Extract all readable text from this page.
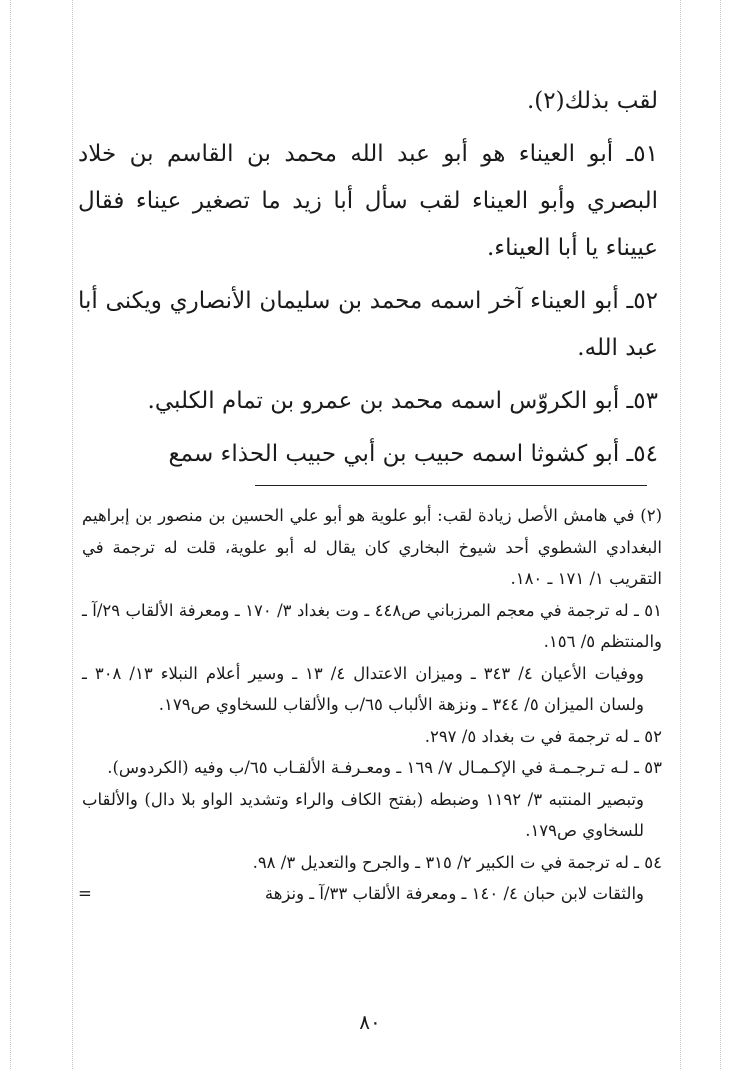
لقب بذلك(٢).

٥١ـ أبو العيناء هو أبو عبد الله محمد بن القاسم بن خلاد البصري وأبو العيناء لقب سأل أبا زيد ما تصغير عيناء فقال عييناء يا أبا العيناء.

٥٢ـ أبو العيناء آخر اسمه محمد بن سليمان الأنصاري ويكنى أبا عبد الله.

٥٣ـ أبو الكروّس اسمه محمد بن عمرو بن تمام الكلبي.

٥٤ـ أبو كشوثا اسمه حبيب بن أبي حبيب الحذاء سمع

(٢) في هامش الأصل زيادة لقب: أبو علوية هو أبو علي الحسين بن منصور بن إبراهيم البغدادي الشطوي أحد شيوخ البخاري كان يقال له أبو علوية، قلت له ترجمة في التقريب ١/ ١٧١ ـ ١٨٠.

٥١ ـ له ترجمة في معجم المرزباني ص٤٤٨ ـ وت بغداد ٣/ ١٧٠ ـ ومعرفة الألقاب ٢٩/آ ـ والمنتظم ٥/ ١٥٦.

ووفيات الأعيان ٤/ ٣٤٣ ـ وميزان الاعتدال ٤/ ١٣ ـ وسير أعلام النبلاء ١٣/ ٣٠٨ ـ ولسان الميزان ٥/ ٣٤٤ ـ ونزهة الألباب ٦٥/ب والألقاب للسخاوي ص١٧٩.

٥٢ ـ له ترجمة في ت بغداد ٥/ ٢٩٧.

٥٣ ـ لـه تـرجـمـة في الإكـمـال ٧/ ١٦٩ ـ ومعـرفـة الألقـاب ٦٥/ب وفيه (الكردوس).

وتبصير المنتبه ٣/ ١١٩٢ وضبطه (بفتح الكاف والراء وتشديد الواو بلا دال) والألقاب للسخاوي ص١٧٩.

٥٤ ـ له ترجمة في ت الكبير ٢/ ٣١٥ ـ والجرح والتعديل ٣/ ٩٨.

والثقات لابن حبان ٤/ ١٤٠ ـ ومعرفة الألقاب ٣٣/آ ـ ونزهة
=

٨٠
